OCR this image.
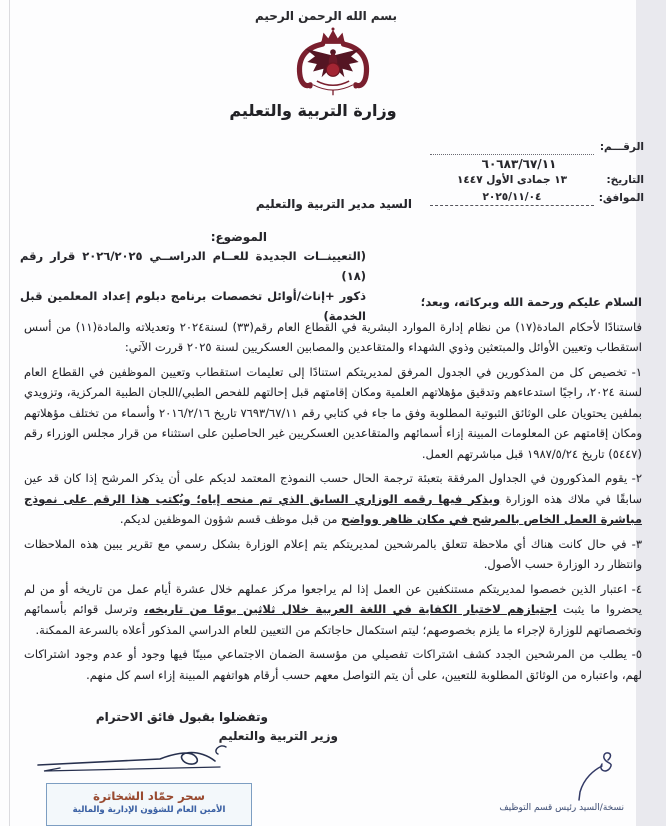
بسم الله الرحمن الرحيم
وزارة التربية والتعليم
الرقـــم:
٦٠٦٨٣/٦٧/١١
التاريخ:
١٣ جمادى الأول ١٤٤٧
الموافق:
٢٠٢٥/١١/٠٤
السيد مدير التربية والتعليم
الموضوع:
(التعيينــات الجديدة للعــام الدراســي ٢٠٢٦/٢٠٢٥ قرار رقم (١٨)
ذكور +إناث/أوائل تخصصات برنامج دبلوم إعداد المعلمين قبل الخدمة)

السلام عليكم ورحمة الله وبركاته، وبعد؛

فاستنادًا لأحكام المادة(١٧) من نظام إدارة الموارد البشرية في القطاع العام رقم(٣٣) لسنة٢٠٢٤ وتعديلاته والمادة(١١) من أسس استقطاب وتعيين الأوائل والمبتعثين وذوي الشهداء والمتقاعدين والمصابين العسكريين لسنة ٢٠٢٥ قررت الآتي:

١- تخصيص كل من المذكورين في الجدول المرفق لمديريتكم استنادًا إلى تعليمات استقطاب وتعيين الموظفين في القطاع العام لسنة ٢٠٢٤، راجيًا استدعاءهم وتدقيق مؤهلاتهم العلمية ومكان إقامتهم قبل إحالتهم للفحص الطبي/اللجان الطبية المركزية، وتزويدي بملفين يحتويان على الوثائق الثبوتية المطلوبة وفق ما جاء في كتابي رقم ٧٦٩٣/٦٧/١١ تاريخ ٢٠١٦/٢/١٦ وأسماء من تختلف مؤهلاتهم ومكان إقامتهم عن المعلومات المبينة إزاء أسمائهم والمتقاعدين العسكريين غير الحاصلين على استثناء من قرار مجلس الوزراء رقم (٥٤٤٧) تاريخ ١٩٨٧/٥/٢٤ قبل مباشرتهم العمل.

٢- يقوم المذكورون في الجداول المرفقة بتعبئة ترجمة الحال حسب النموذج المعتمد لديكم على أن يذكر المرشح إذا كان قد عين سابقًا في ملاك هذه الوزارة ويذكر فيها رقمه الوزاري السابق الذي تم منحه إياه؛ ويُكتب هذا الرقم على نموذج مباشرة العمل الخاص بالمرشح في مكان ظاهر وواضح من قبل موظف قسم شؤون الموظفين لديكم.

٣- في حال كانت هناك أي ملاحظة تتعلق بالمرشحين لمديريتكم يتم إعلام الوزارة بشكل رسمي مع تقرير يبين هذه الملاحظات وانتظار رد الوزارة حسب الأصول.

٤- اعتبار الذين خصصوا لمديريتكم مستنكفين عن العمل إذا لم يراجعوا مركز عملهم خلال عشرة أيام عمل من تاريخه أو من لم يحضروا ما يثبت اجتيازهم لاختبار الكفاية في اللغة العربية خلال ثلاثين يومًا من تاريخه، وترسل قوائم بأسمائهم وتخصصاتهم للوزارة لإجراء ما يلزم بخصوصهم؛ ليتم استكمال حاجاتكم من التعيين للعام الدراسي المذكور أعلاه بالسرعة الممكنة.

٥- يطلب من المرشحين الجدد كشف اشتراكات تفصيلي من مؤسسة الضمان الاجتماعي مبينًا فيها وجود أو عدم وجود اشتراكات لهم، واعتباره من الوثائق المطلوبة للتعيين، على أن يتم التواصل معهم حسب أرقام هواتفهم المبينة إزاء اسم كل منهم.

وتفضلوا بقبول فائق الاحترام
وزير التربية والتعليم
سحر حمّاد الشخاترة
الأمين العام للشؤون الإدارية والمالية	نسخة/السيد رئيس قسم التوظيف
